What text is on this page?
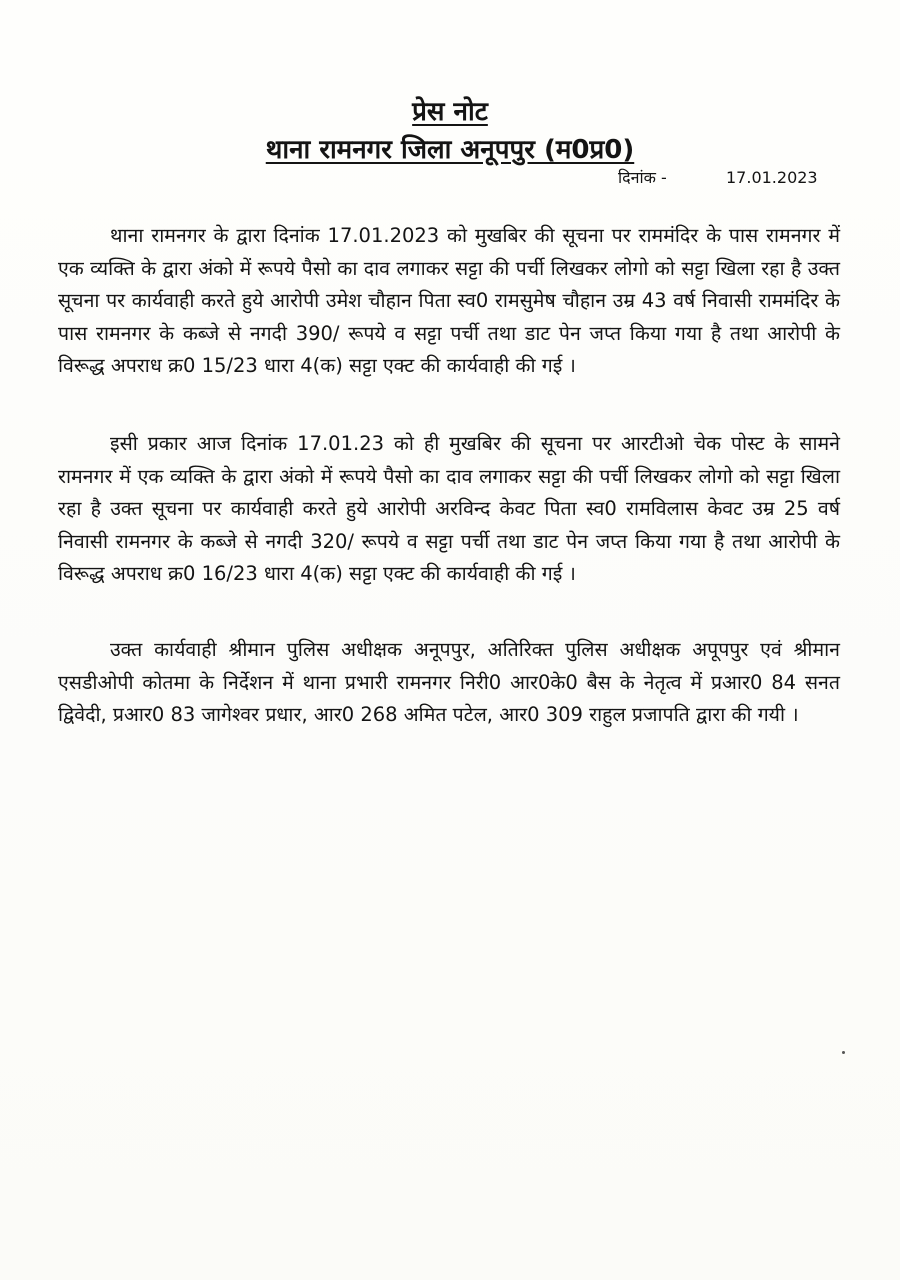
प्रेस नोट
थाना रामनगर जिला अनूपपुर (म0प्र0)
दिनांक -	17.01.2023

थाना रामनगर के द्वारा दिनांक 17.01.2023 को मुखबिर की सूचना पर राममंदिर के पास रामनगर में एक व्यक्ति के द्वारा अंको में रूपये पैसो का दाव लगाकर सट्टा की पर्ची लिखकर लोगो को सट्टा खिला रहा है उक्त सूचना पर कार्यवाही करते हुये आरोपी उमेश चौहान पिता स्व0 रामसुमेष चौहान उम्र 43 वर्ष निवासी राममंदिर के पास रामनगर के कब्जे से नगदी 390/ रूपये व सट्टा पर्ची तथा डाट पेन जप्त किया गया है तथा आरोपी के विरूद्ध अपराध क्र0 15/23 धारा 4(क) सट्टा एक्ट की कार्यवाही की गई ।

इसी प्रकार आज दिनांक 17.01.23 को ही मुखबिर की सूचना पर आरटीओ चेक पोस्ट के सामने रामनगर में एक व्यक्ति के द्वारा अंको में रूपये पैसो का दाव लगाकर सट्टा की पर्ची लिखकर लोगो को सट्टा खिला रहा है उक्त सूचना पर कार्यवाही करते हुये आरोपी अरविन्द केवट पिता स्व0 रामविलास केवट उम्र 25 वर्ष निवासी रामनगर के कब्जे से नगदी 320/ रूपये व सट्टा पर्ची तथा डाट पेन जप्त किया गया है तथा आरोपी के विरूद्ध अपराध क्र0 16/23 धारा 4(क) सट्टा एक्ट की कार्यवाही की गई ।

उक्त कार्यवाही श्रीमान पुलिस अधीक्षक अनूपपुर, अतिरिक्त पुलिस अधीक्षक अपूपपुर एवं श्रीमान एसडीओपी कोतमा के निर्देशन में थाना प्रभारी रामनगर निरी0 आर0के0 बैस के नेतृत्व में प्रआर0 84 सनत द्विवेदी, प्रआर0 83 जागेश्वर प्रधार, आर0 268 अमित पटेल, आर0 309 राहुल प्रजापति द्वारा की गयी ।
